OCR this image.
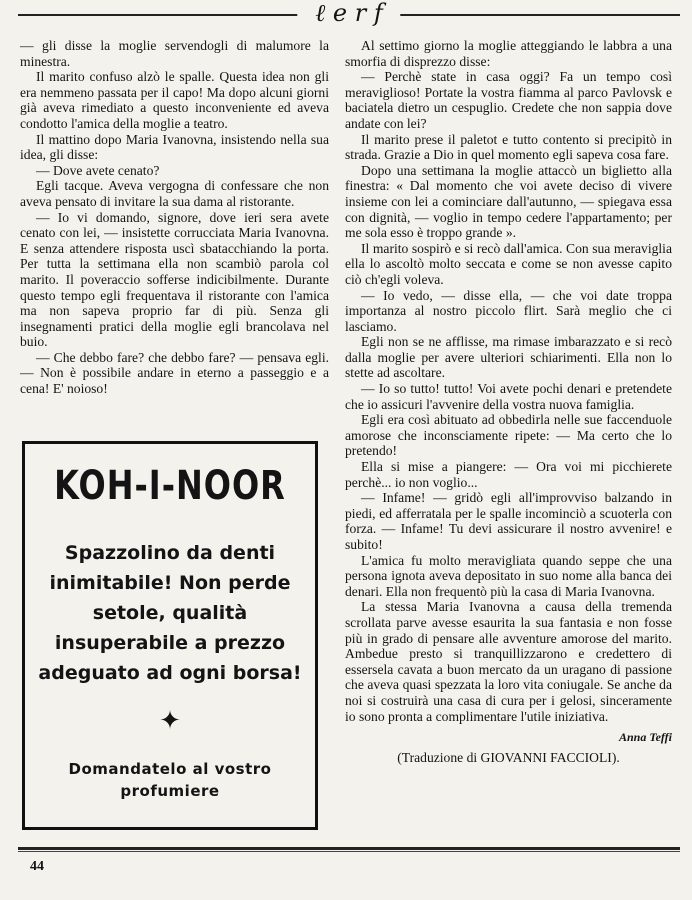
ℓ e r f

— gli disse la moglie servendogli di malumore la minestra.

Il marito confuso alzò le spalle. Questa idea non gli era nemmeno passata per il capo! Ma dopo alcuni giorni già aveva rimediato a questo inconveniente ed aveva condotto l'amica della moglie a teatro.

Il mattino dopo Maria Ivanovna, insistendo nella sua idea, gli disse:

— Dove avete cenato?

Egli tacque. Aveva vergogna di confessare che non aveva pensato di invitare la sua dama al ristorante.

— Io vi domando, signore, dove ieri sera avete cenato con lei, — insistette corrucciata Maria Ivanovna. E senza attendere risposta uscì sbatacchiando la porta. Per tutta la settimana ella non scambiò parola col marito. Il poveraccio sofferse indicibilmente. Durante questo tempo egli frequentava il ristorante con l'amica ma non sapeva proprio far di più. Senza gli insegnamenti pratici della moglie egli brancolava nel buio.

— Che debbo fare? che debbo fare? — pensava egli. — Non è possibile andare in eterno a passeggio e a cena! E' noioso!

Al settimo giorno la moglie atteggiando le labbra a una smorfia di disprezzo disse:

— Perchè state in casa oggi? Fa un tempo così meraviglioso! Portate la vostra fiamma al parco Pavlovsk e baciatela dietro un cespuglio. Credete che non sappia dove andate con lei?

Il marito prese il paletot e tutto contento si precipitò in strada. Grazie a Dio in quel momento egli sapeva cosa fare.

Dopo una settimana la moglie attaccò un biglietto alla finestra: « Dal momento che voi avete deciso di vivere insieme con lei a cominciare dall'autunno, — spiegava essa con dignità, — voglio in tempo cedere l'appartamento; per me sola esso è troppo grande ».

Il marito sospirò e si recò dall'amica. Con sua meraviglia ella lo ascoltò molto seccata e come se non avesse capito ciò ch'egli voleva.

— Io vedo, — disse ella, — che voi date troppa importanza al nostro piccolo flirt. Sarà meglio che ci lasciamo.

Egli non se ne afflisse, ma rimase imbarazzato e si recò dalla moglie per avere ulteriori schiarimenti. Ella non lo stette ad ascoltare.

— Io so tutto! tutto! Voi avete pochi denari e pretendete che io assicuri l'avvenire della vostra nuova famiglia.

Egli era così abituato ad obbedirla nelle sue faccenduole amorose che inconsciamente ripete: — Ma certo che lo pretendo!

Ella si mise a piangere: — Ora voi mi picchierete perchè... io non voglio...

— Infame! — gridò egli all'improvviso balzando in piedi, ed afferratala per le spalle incominciò a scuoterla con forza. — Infame! Tu devi assicurare il nostro avvenire! e subito!

L'amica fu molto meravigliata quando seppe che una persona ignota aveva depositato in suo nome alla banca dei denari. Ella non frequentò più la casa di Maria Ivanovna.

La stessa Maria Ivanovna a causa della tremenda scrollata parve avesse esaurita la sua fantasia e non fosse più in grado di pensare alle avventure amorose del marito. Ambedue presto si tranquillizzarono e credettero di essersela cavata a buon mercato da un uragano di passione che aveva quasi spezzata la loro vita coniugale. Se anche da noi si costruirà una casa di cura per i gelosi, sinceramente io sono pronta a complimentare l'utile iniziativa.

Anna Teffi
(Traduzione di GIOVANNI FACCIOLI).
KOH-I-NOOR
Spazzolino da denti inimitabile! Non perde setole, qualità insuperabile a prezzo adeguato ad ogni borsa!
✦
Domandatelo al vostro profumiere
44
